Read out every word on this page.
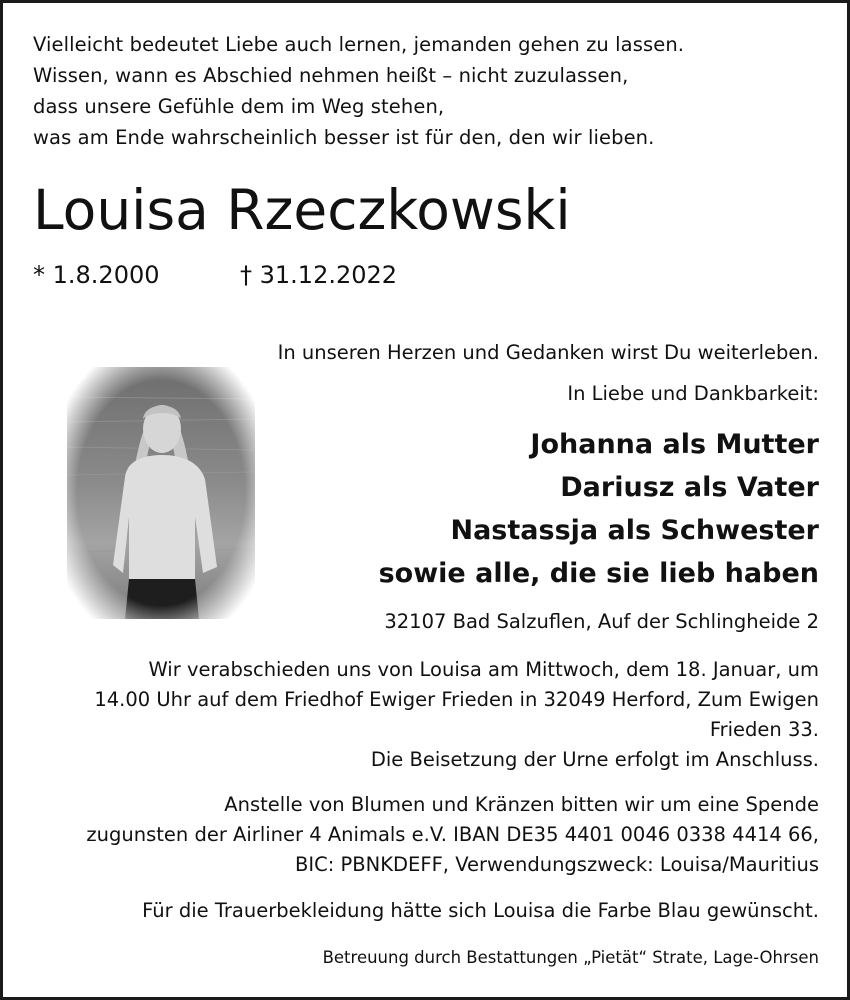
Vielleicht bedeutet Liebe auch lernen, jemanden gehen zu lassen.
Wissen, wann es Abschied nehmen heißt – nicht zuzulassen,
dass unsere Gefühle dem im Weg stehen,
was am Ende wahrscheinlich besser ist für den, den wir lieben.
Louisa Rzeczkowski
* 1.8.2000	† 31.12.2022
In unseren Herzen und Gedanken wirst Du weiterleben.
In Liebe und Dankbarkeit:
Johanna als Mutter
Dariusz als Vater
Nastassja als Schwester
sowie alle, die sie lieb haben
32107 Bad Salzuflen, Auf der Schlingheide 2
Wir verabschieden uns von Louisa am Mittwoch, dem 18. Januar, um
14.00 Uhr auf dem Friedhof Ewiger Frieden in 32049 Herford, Zum Ewigen
Frieden 33.
Die Beisetzung der Urne erfolgt im Anschluss.
Anstelle von Blumen und Kränzen bitten wir um eine Spende
zugunsten der Airliner 4 Animals e.V. IBAN DE35 4401 0046 0338 4414 66,
BIC: PBNKDEFF, Verwendungszweck: Louisa/Mauritius
Für die Trauerbekleidung hätte sich Louisa die Farbe Blau gewünscht.
Betreuung durch Bestattungen „Pietät“ Strate, Lage-Ohrsen
